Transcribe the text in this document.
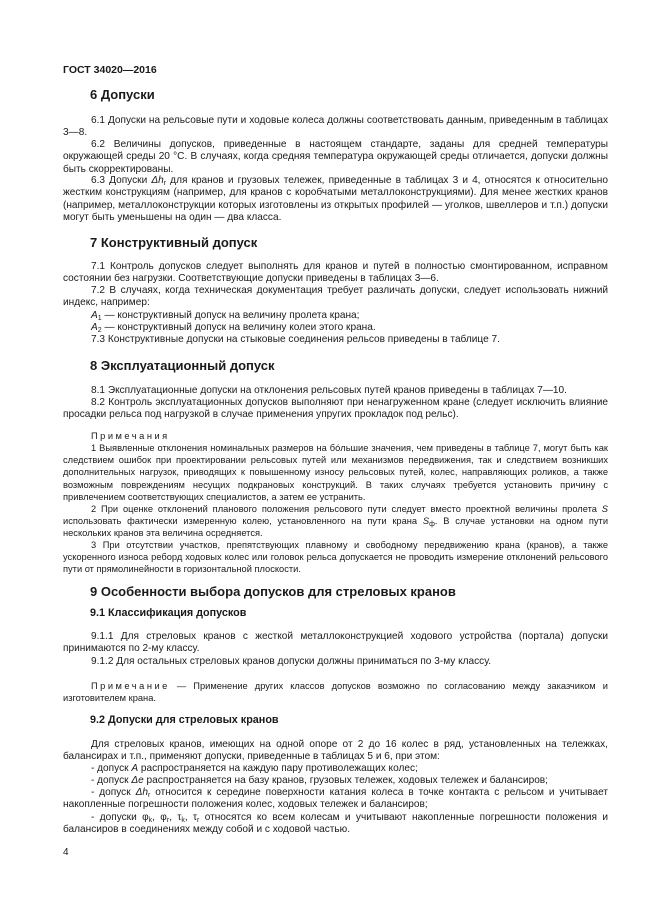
ГОСТ 34020—2016
6 Допуски
6.1 Допуски на рельсовые пути и ходовые колеса должны соответствовать данным, приведенным в таблицах 3—8.
6.2 Величины допусков, приведенные в настоящем стандарте, заданы для средней температуры окружающей среды 20 °С. В случаях, когда средняя температура окружающей среды отличается, допуски должны быть скорректированы.
6.3 Допуски $\Delta h_r$ для кранов и грузовых тележек, приведенные в таблицах 3 и 4, относятся к относительно жестким конструкциям (например, для кранов с коробчатыми металлоконструкциями). Для менее жестких кранов (например, металлоконструкции которых изготовлены из открытых профилей — уголков, швеллеров и т.п.) допуски могут быть уменьшены на один — два класса.
7 Конструктивный допуск
7.1 Контроль допусков следует выполнять для кранов и путей в полностью смонтированном, исправном состоянии без нагрузки. Соответствующие допуски приведены в таблицах 3—6.
7.2 В случаях, когда техническая документация требует различать допуски, следует использовать нижний индекс, например:
$A_1$ — конструктивный допуск на величину пролета крана;
$A_2$ — конструктивный допуск на величину колеи этого крана.
7.3 Конструктивные допуски на стыковые соединения рельсов приведены в таблице 7.
8 Эксплуатационный допуск
8.1 Эксплуатационные допуски на отклонения рельсовых путей кранов приведены в таблицах 7—10.
8.2 Контроль эксплуатационных допусков выполняют при ненагруженном кране (следует исключить влияние просадки рельса под нагрузкой в случае применения упругих прокладок под рельс).
Примечания
1 Выявленные отклонения номинальных размеров на бóльшие значения, чем приведены в таблице 7, могут быть как следствием ошибок при проектировании рельсовых путей или механизмов передвижения, так и следствием возникших дополнительных нагрузок, приводящих к повышенному износу рельсовых путей, колес, направляющих роликов, а также возможным повреждениям несущих подкрановых конструкций. В таких случаях требуется установить причину с привлечением соответствующих специалистов, а затем ее устранить.
2 При оценке отклонений планового положения рельсового пути следует вместо проектной величины пролета S использовать фактически измеренную колею, установленного на пути крана $S_ф$. В случае установки на одном пути нескольких кранов эта величина осредняется.
3 При отсутствии участков, препятствующих плавному и свободному передвижению крана (кранов), а также ускоренного износа реборд ходовых колес или головок рельса допускается не проводить измерение отклонений рельсового пути от прямолинейности в горизонтальной плоскости.
9 Особенности выбора допусков для стреловых кранов
9.1 Классификация допусков
9.1.1 Для стреловых кранов с жесткой металлоконструкцией ходового устройства (портала) допуски принимаются по 2-му классу.
9.1.2 Для остальных стреловых кранов допуски должны приниматься по 3-му классу.
Примечание — Применение других классов допусков возможно по согласованию между заказчиком и изготовителем крана.
9.2 Допуски для стреловых кранов
Для стреловых кранов, имеющих на одной опоре от 2 до 16 колес в ряд, установленных на тележках, балансирах и т.п., применяют допуски, приведенные в таблицах 5 и 6, при этом:
- допуск A распространяется на каждую пару противолежащих колес;
- допуск Δe распространяется на базу кранов, грузовых тележек, ходовых тележек и балансиров;
- допуск $\Delta h_r$ относится к середине поверхности катания колеса в точке контакта с рельсом и учитывает накопленные погрешности положения колес, ходовых тележек и балансиров;
- допуски $\varphi_k$, $\varphi_r$, $\tau_k$, $\tau_r$ относятся ко всем колесам и учитывают накопленные погрешности положения и балансиров в соединениях между собой и с ходовой частью.
4
